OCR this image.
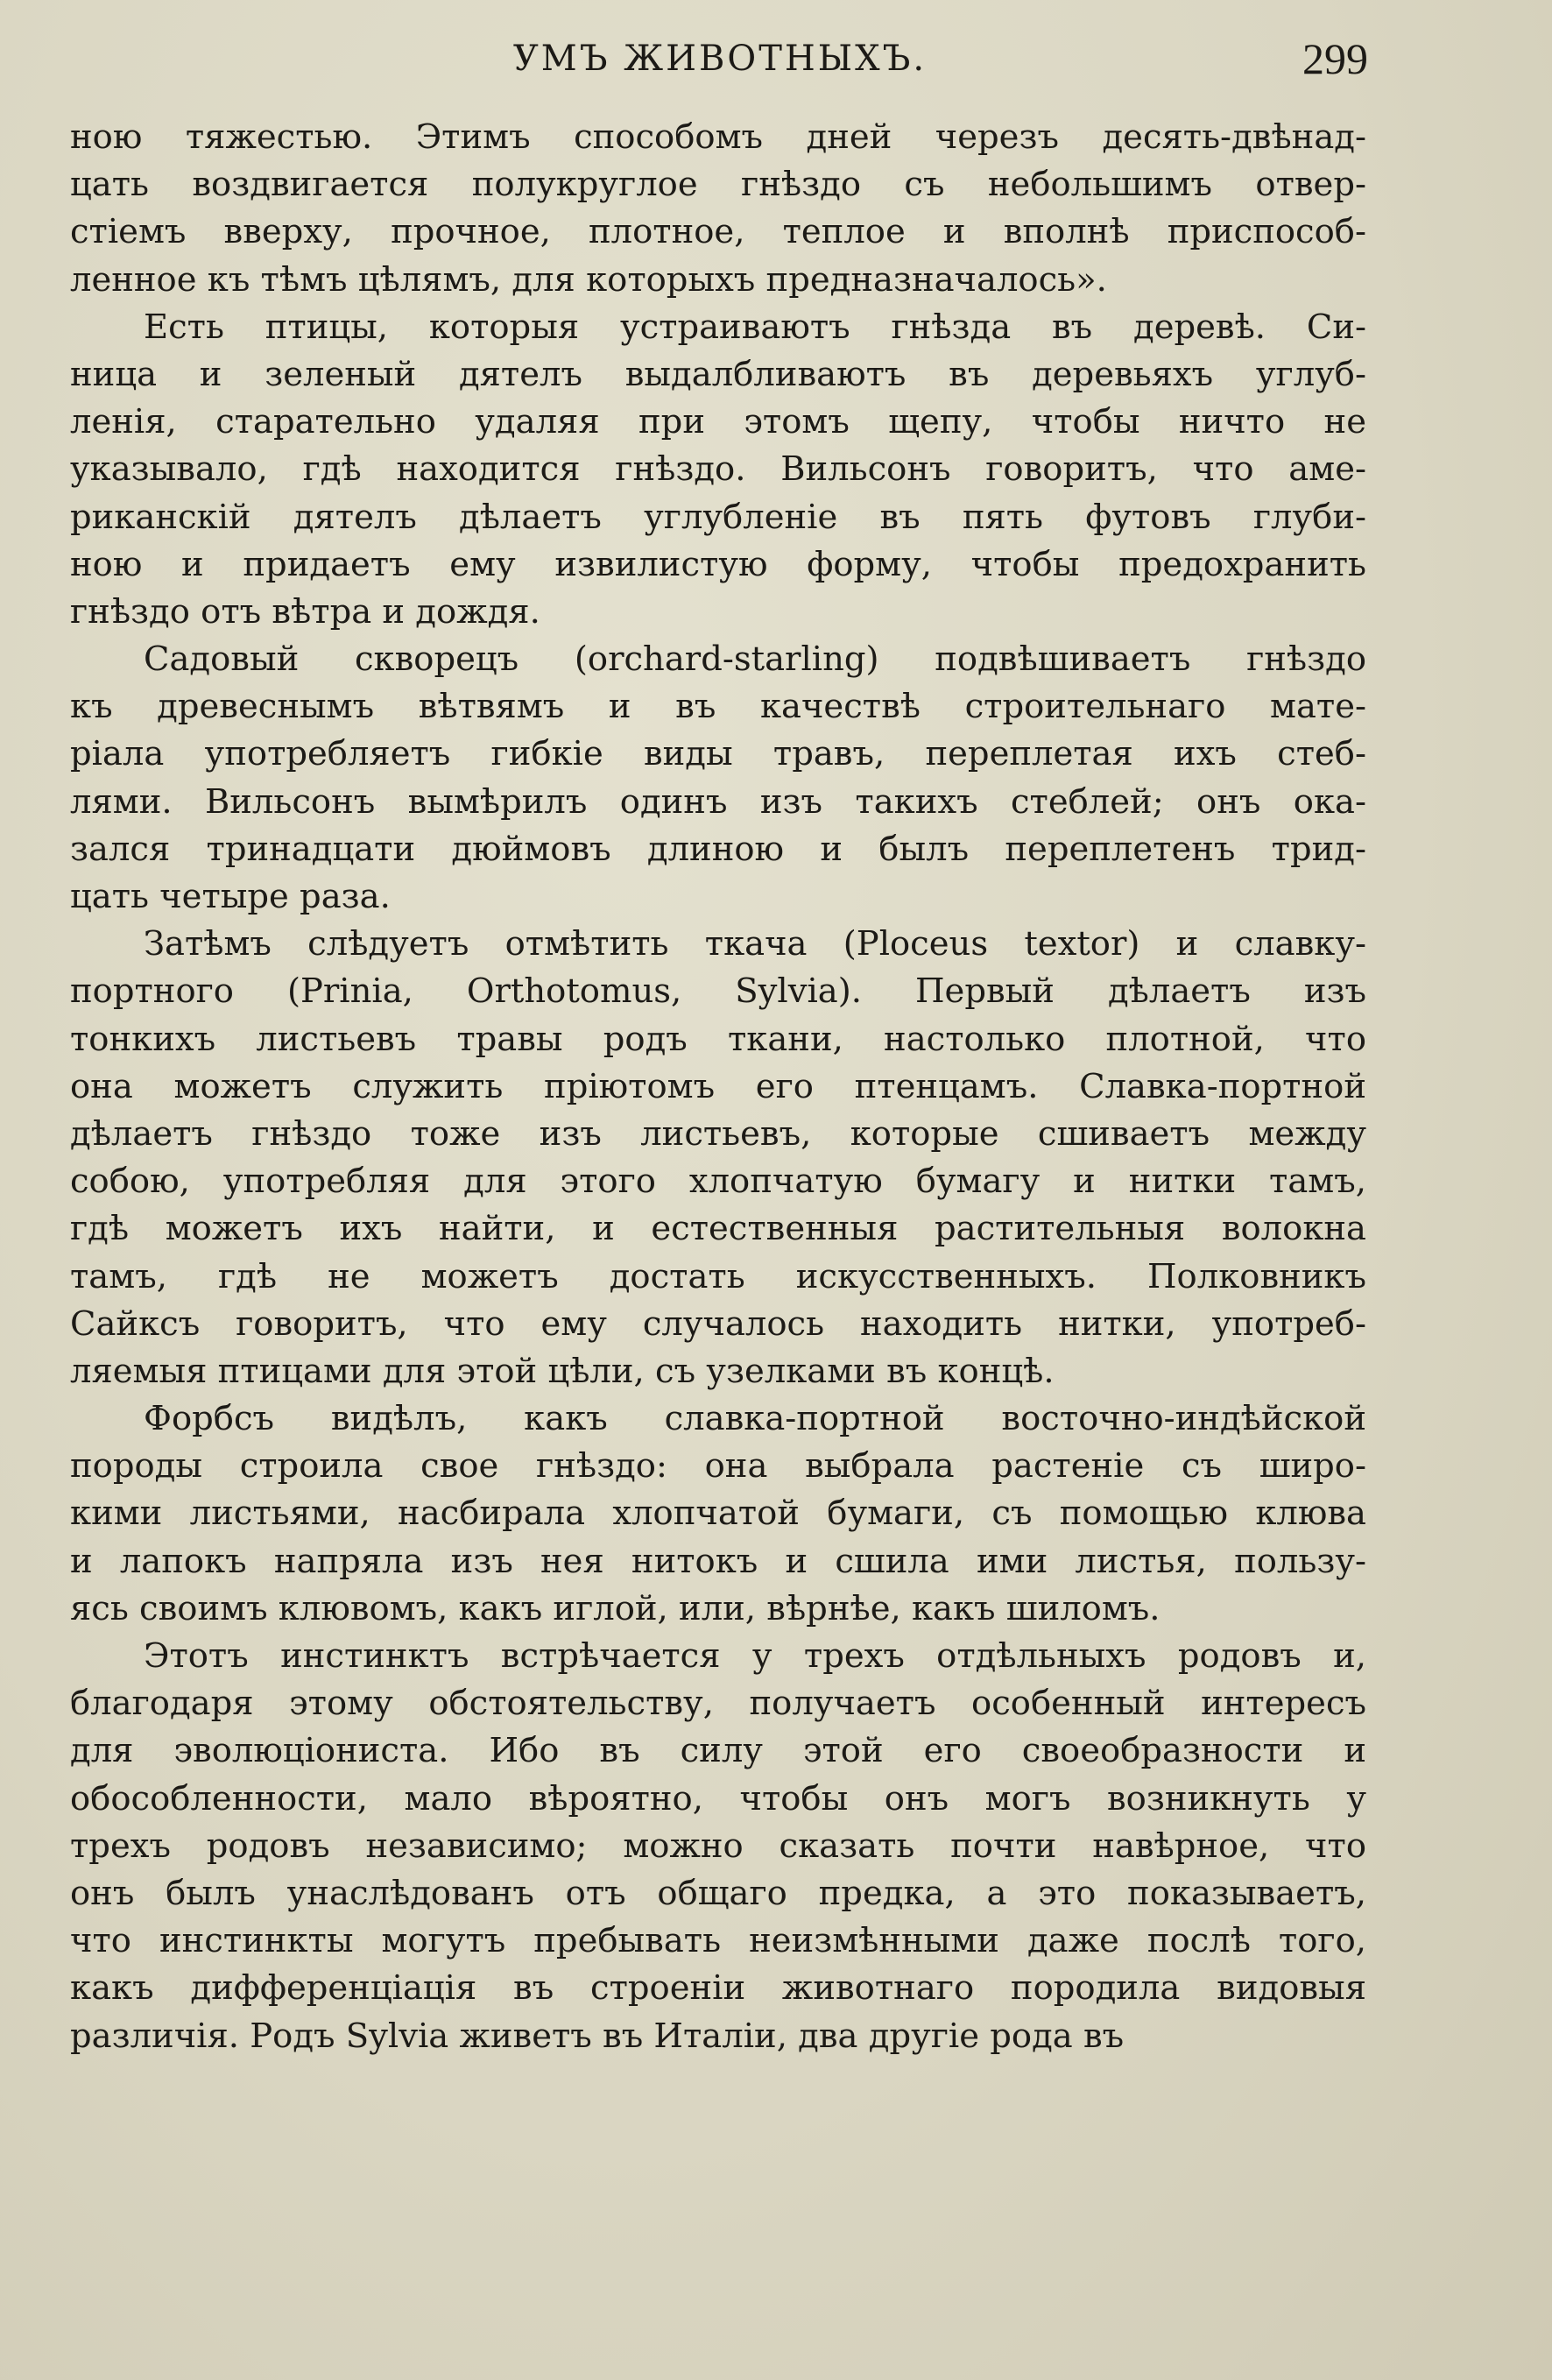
УМЪ ЖИВОТНЫХЪ.	299
ною тяжестью. Этимъ способомъ дней черезъ десять-двѣнад-
цать воздвигается полукруглое гнѣздо съ небольшимъ отвер-
стіемъ вверху, прочное, плотное, теплое и вполнѣ приспособ-
ленное къ тѣмъ цѣлямъ, для которыхъ предназначалось».
Есть птицы, которыя устраиваютъ гнѣзда въ деревѣ. Си-
ница и зеленый дятелъ выдалбливаютъ въ деревьяхъ углуб-
ленія, старательно удаляя при этомъ щепу, чтобы ничто не
указывало, гдѣ находится гнѣздо. Вильсонъ говоритъ, что аме-
риканскій дятелъ дѣлаетъ углубленіе въ пять футовъ глуби-
ною и придаетъ ему извилистую форму, чтобы предохранить
гнѣздо отъ вѣтра и дождя.
Садовый скворецъ (orchard-starling) подвѣшиваетъ гнѣздо
къ древеснымъ вѣтвямъ и въ качествѣ строительнаго мате-
ріала употребляетъ гибкіе виды травъ, переплетая ихъ стеб-
лями. Вильсонъ вымѣрилъ одинъ изъ такихъ стеблей; онъ ока-
зался тринадцати дюймовъ длиною и былъ переплетенъ трид-
цать четыре раза.
Затѣмъ слѣдуетъ отмѣтить ткача (Ploceus textor) и славку-
портного (Prinia, Orthotomus, Sylvia). Первый дѣлаетъ изъ
тонкихъ листьевъ травы родъ ткани, настолько плотной, что
она можетъ служить пріютомъ его птенцамъ. Славка-портной
дѣлаетъ гнѣздо тоже изъ листьевъ, которые сшиваетъ между
собою, употребляя для этого хлопчатую бумагу и нитки тамъ,
гдѣ можетъ ихъ найти, и естественныя растительныя волокна
тамъ, гдѣ не можетъ достать искусственныхъ. Полковникъ
Сайксъ говоритъ, что ему случалось находить нитки, употреб-
ляемыя птицами для этой цѣли, съ узелками въ концѣ.
Форбсъ видѣлъ, какъ славка-портной восточно-индѣйской
породы строила свое гнѣздо: она выбрала растеніе съ широ-
кими листьями, насбирала хлопчатой бумаги, съ помощью клюва
и лапокъ напряла изъ нея нитокъ и сшила ими листья, пользу-
ясь своимъ клювомъ, какъ иглой, или, вѣрнѣе, какъ шиломъ.
Этотъ инстинктъ встрѣчается у трехъ отдѣльныхъ родовъ и,
благодаря этому обстоятельству, получаетъ особенный интересъ
для эволюціониста. Ибо въ силу этой его своеобразности и
обособленности, мало вѣроятно, чтобы онъ могъ возникнуть у
трехъ родовъ независимо; можно сказать почти навѣрное, что
онъ былъ унаслѣдованъ отъ общаго предка, а это показываетъ,
что инстинкты могутъ пребывать неизмѣнными даже послѣ того,
какъ дифференціація въ строеніи животнаго породила видовыя
различія. Родъ Sylvia живетъ въ Италіи, два другіе рода въ
